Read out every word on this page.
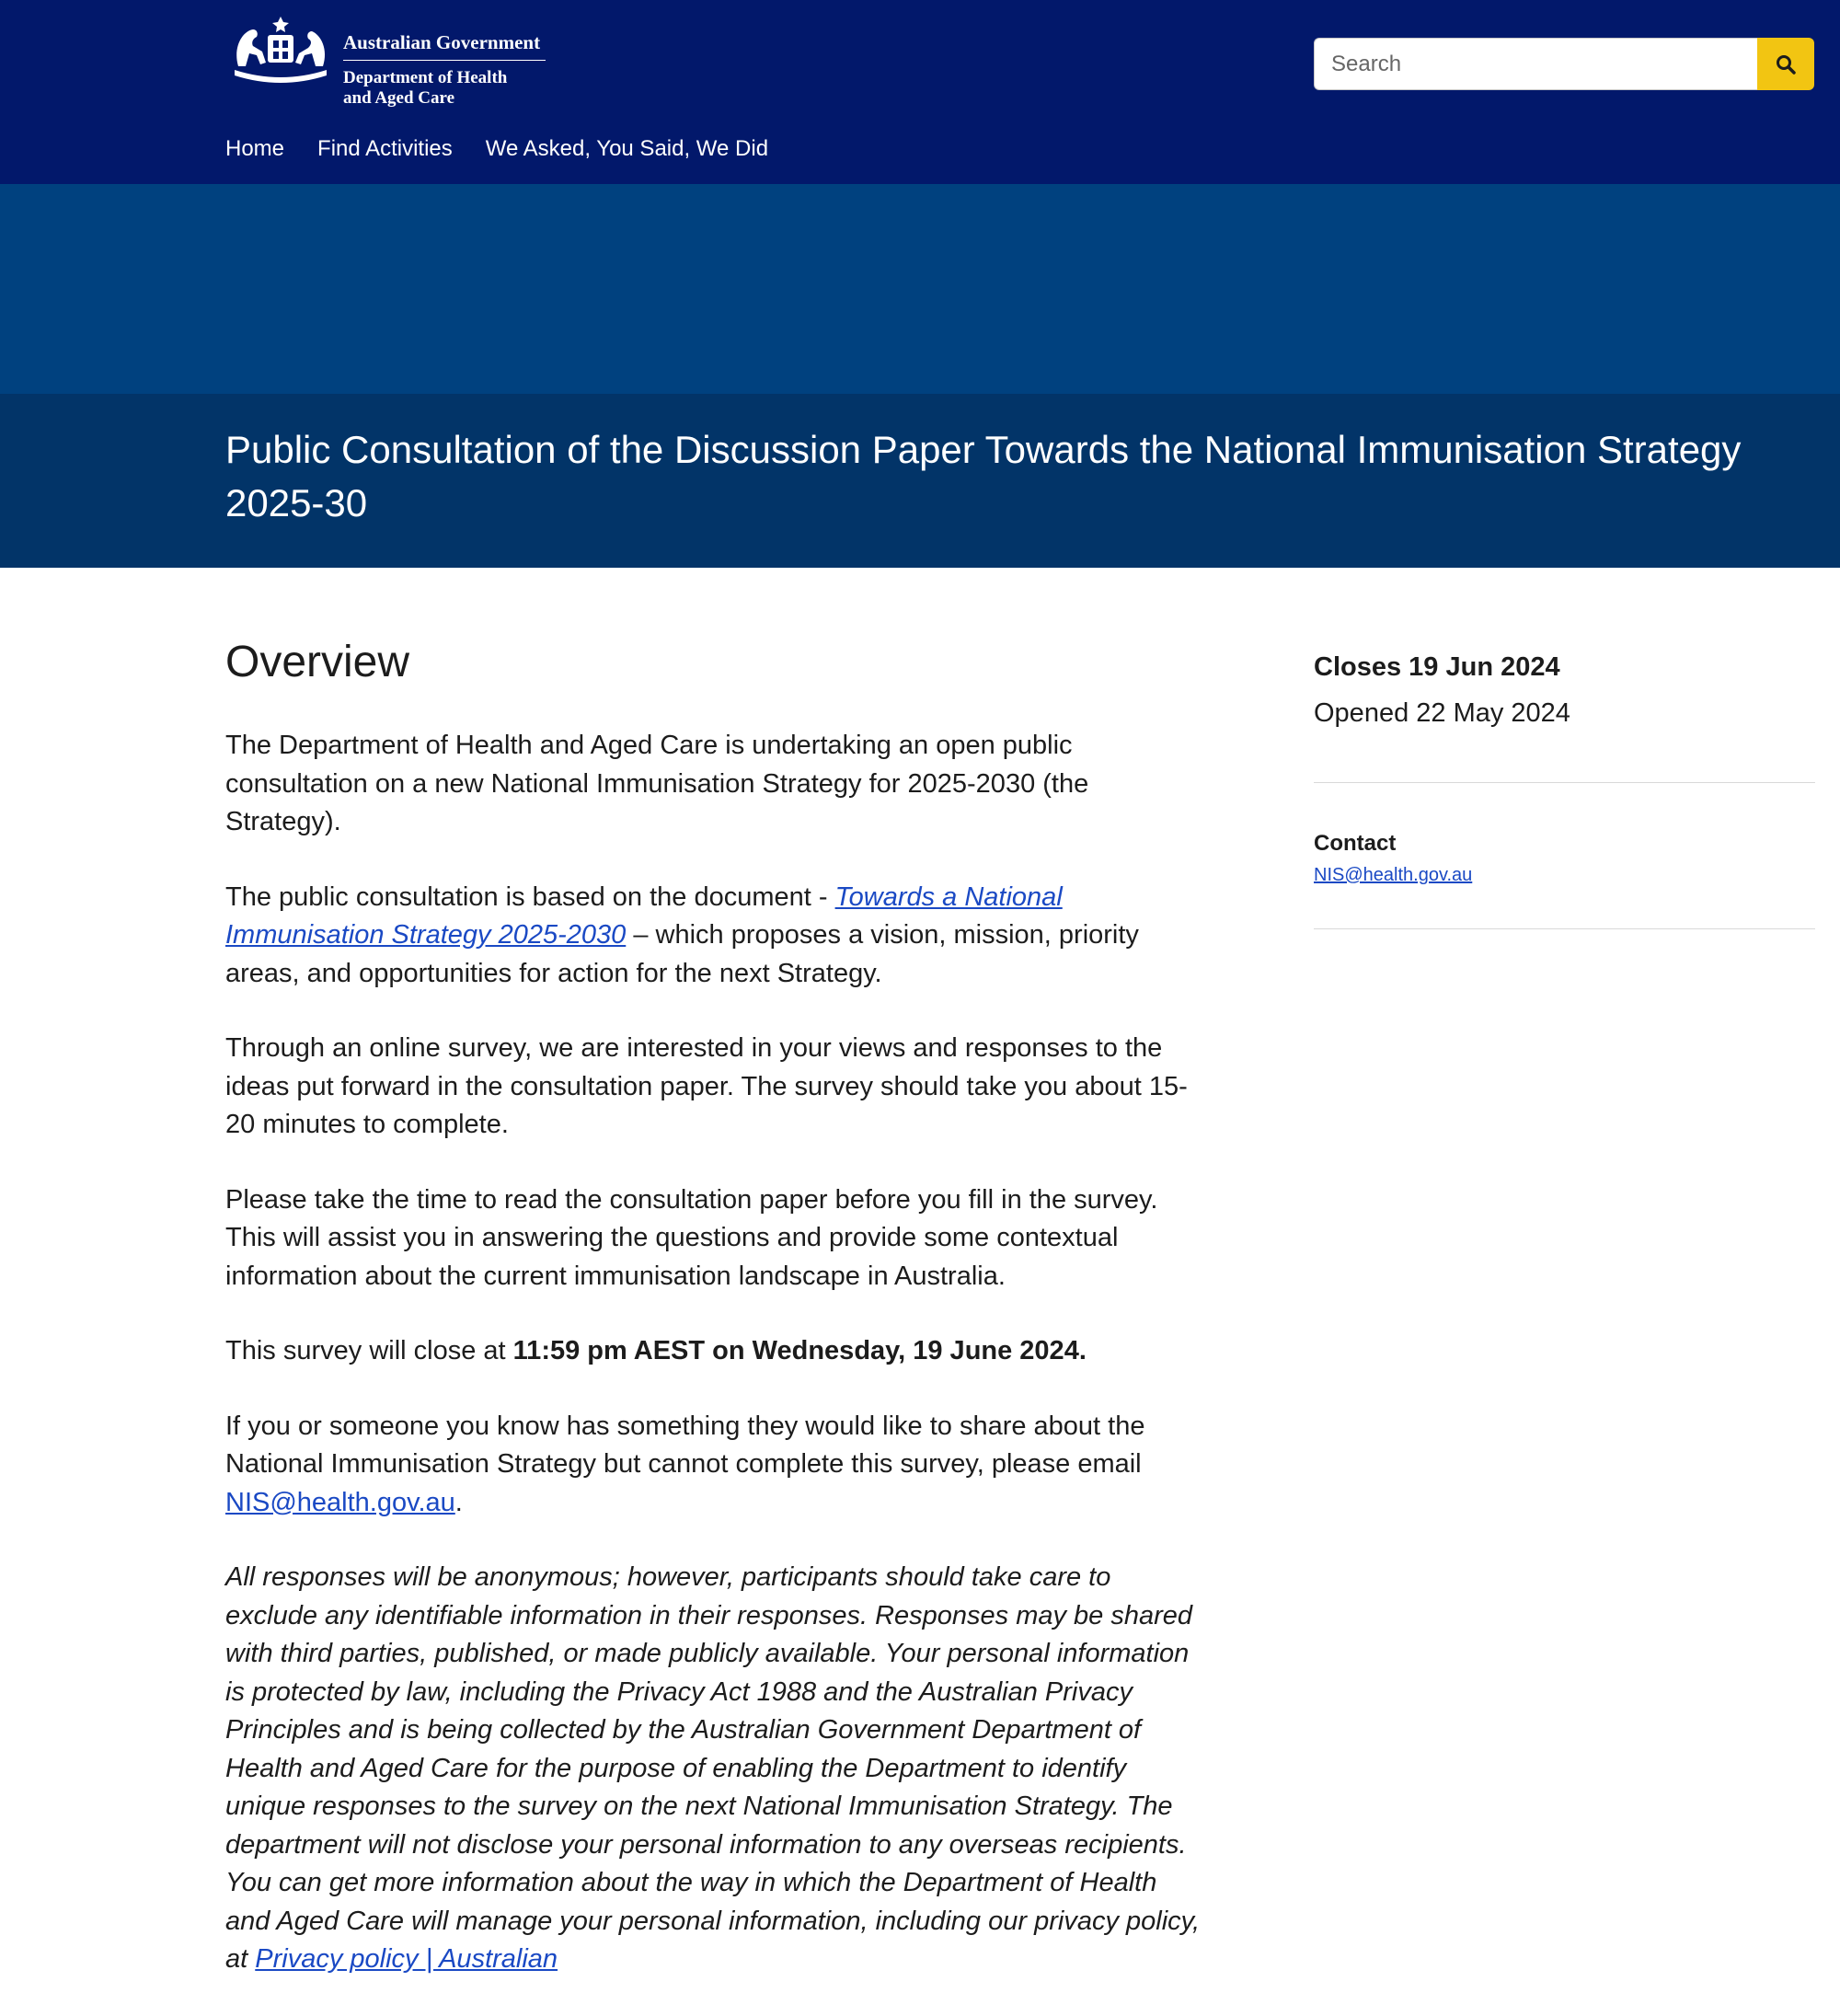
Australian Government
Department of Health
and Aged Care
Search
Home Find Activities We Asked, You Said, We Did
Public Consultation of the Discussion Paper Towards the National Immunisation Strategy 2025-30
Overview

The Department of Health and Aged Care is undertaking an open public consultation on a new National Immunisation Strategy for 2025-2030 (the Strategy).

The public consultation is based on the document - Towards a National Immunisation Strategy 2025-2030 – which proposes a vision, mission, priority areas, and opportunities for action for the next Strategy.

Through an online survey, we are interested in your views and responses to the ideas put forward in the consultation paper. The survey should take you about 15-20 minutes to complete.

Please take the time to read the consultation paper before you fill in the survey. This will assist you in answering the questions and provide some contextual information about the current immunisation landscape in Australia.

This survey will close at 11:59 pm AEST on Wednesday, 19 June 2024.

If you or someone you know has something they would like to share about the National Immunisation Strategy but cannot complete this survey, please email NIS@health.gov.au.

All responses will be anonymous; however, participants should take care to exclude any identifiable information in their responses. Responses may be shared with third parties, published, or made publicly available. Your personal information is protected by law, including the Privacy Act 1988 and the Australian Privacy Principles and is being collected by the Australian Government Department of Health and Aged Care for the purpose of enabling the Department to identify unique responses to the survey on the next National Immunisation Strategy. The department will not disclose your personal information to any overseas recipients. You can get more information about the way in which the Department of Health and Aged Care will manage your personal information, including our privacy policy, at Privacy policy | Australian

Closes 19 Jun 2024
Opened 22 May 2024
Contact
NIS@health.gov.au
